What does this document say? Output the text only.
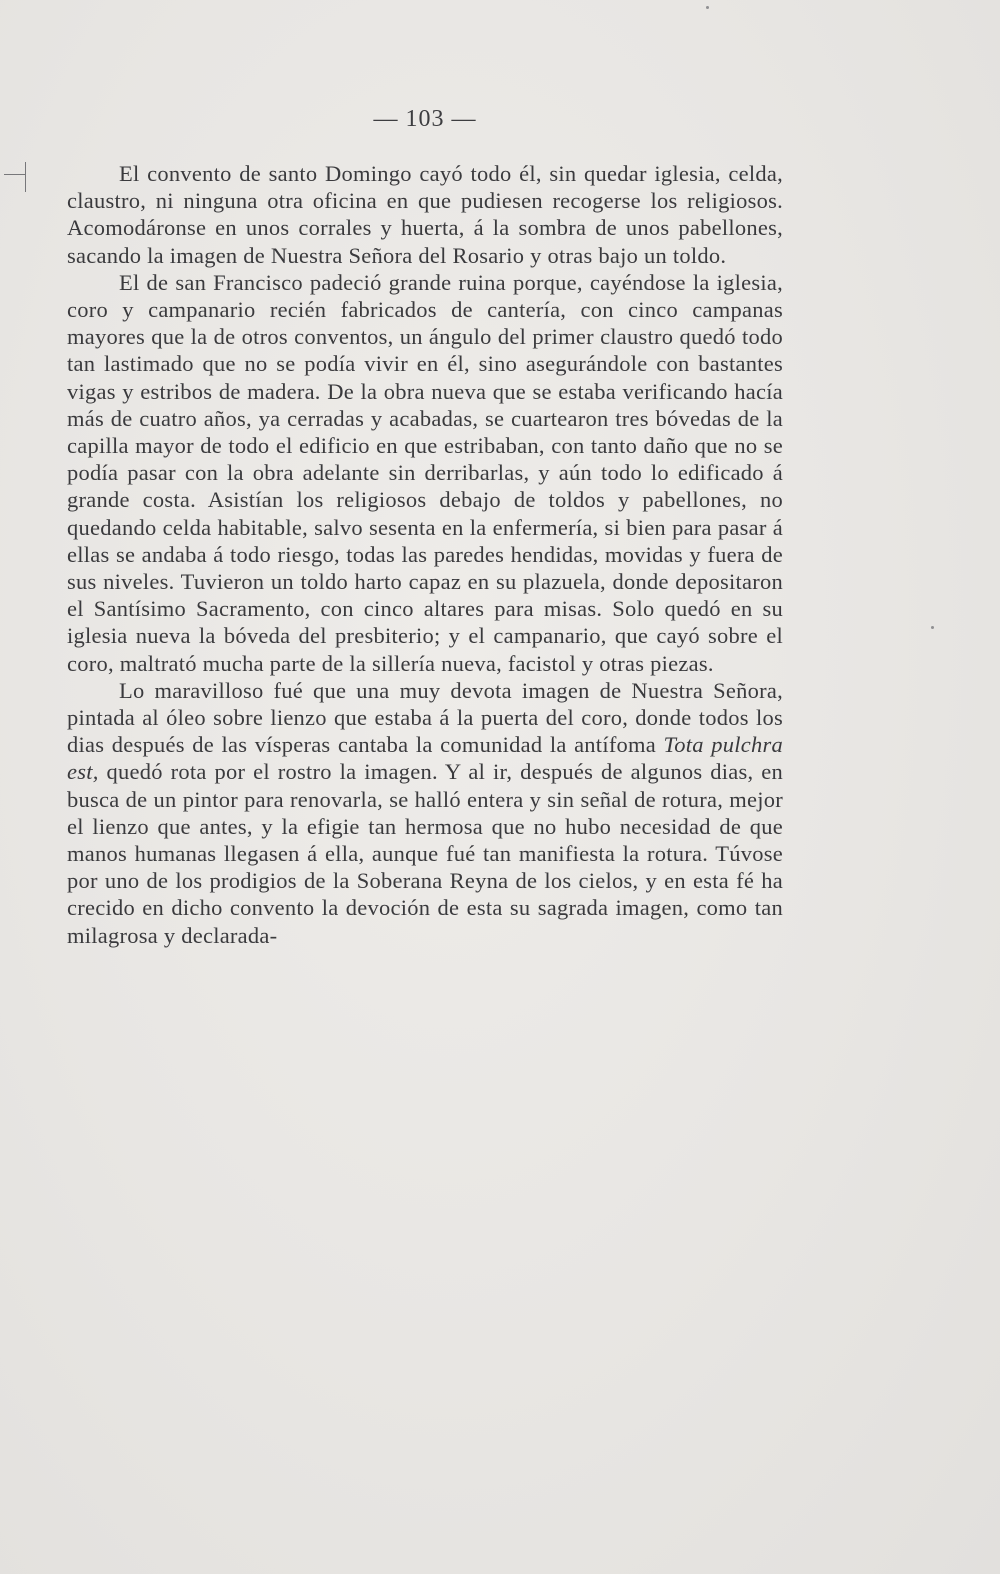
— 103 —

El convento de santo Domingo cayó todo él, sin quedar iglesia, celda, claustro, ni ninguna otra oficina en que pudiesen recogerse los religiosos. Acomodáronse en unos corrales y huerta, á la sombra de unos pabellones, sacando la imagen de Nuestra Señora del Rosario y otras bajo un toldo.

El de san Francisco padeció grande ruina porque, cayéndose la iglesia, coro y campanario recién fabricados de cantería, con cinco campanas mayores que la de otros conventos, un ángulo del primer claustro quedó todo tan lastimado que no se podía vivir en él, sino asegurándole con bastantes vigas y estribos de madera. De la obra nueva que se estaba verificando hacía más de cuatro años, ya cerradas y acabadas, se cuartearon tres bóvedas de la capilla mayor de todo el edificio en que estribaban, con tanto daño que no se podía pasar con la obra adelante sin derribarlas, y aún todo lo edificado á grande costa. Asistían los religiosos debajo de toldos y pabellones, no quedando celda habitable, salvo sesenta en la enfermería, si bien para pasar á ellas se andaba á todo riesgo, todas las paredes hendidas, movidas y fuera de sus niveles. Tuvieron un toldo harto capaz en su plazuela, donde depositaron el Santísimo Sacramento, con cinco altares para misas. Solo quedó en su iglesia nueva la bóveda del presbiterio; y el campanario, que cayó sobre el coro, maltrató mucha parte de la sillería nueva, facistol y otras piezas.

Lo maravilloso fué que una muy devota imagen de Nuestra Señora, pintada al óleo sobre lienzo que estaba á la puerta del coro, donde todos los dias después de las vísperas cantaba la comunidad la antífoma Tota pulchra est, quedó rota por el rostro la imagen. Y al ir, después de algunos dias, en busca de un pintor para renovarla, se halló entera y sin señal de rotura, mejor el lienzo que antes, y la efigie tan hermosa que no hubo necesidad de que manos humanas llegasen á ella, aunque fué tan manifiesta la rotura. Túvose por uno de los prodigios de la Soberana Reyna de los cielos, y en esta fé ha crecido en dicho convento la devoción de esta su sagrada imagen, como tan milagrosa y declarada-
